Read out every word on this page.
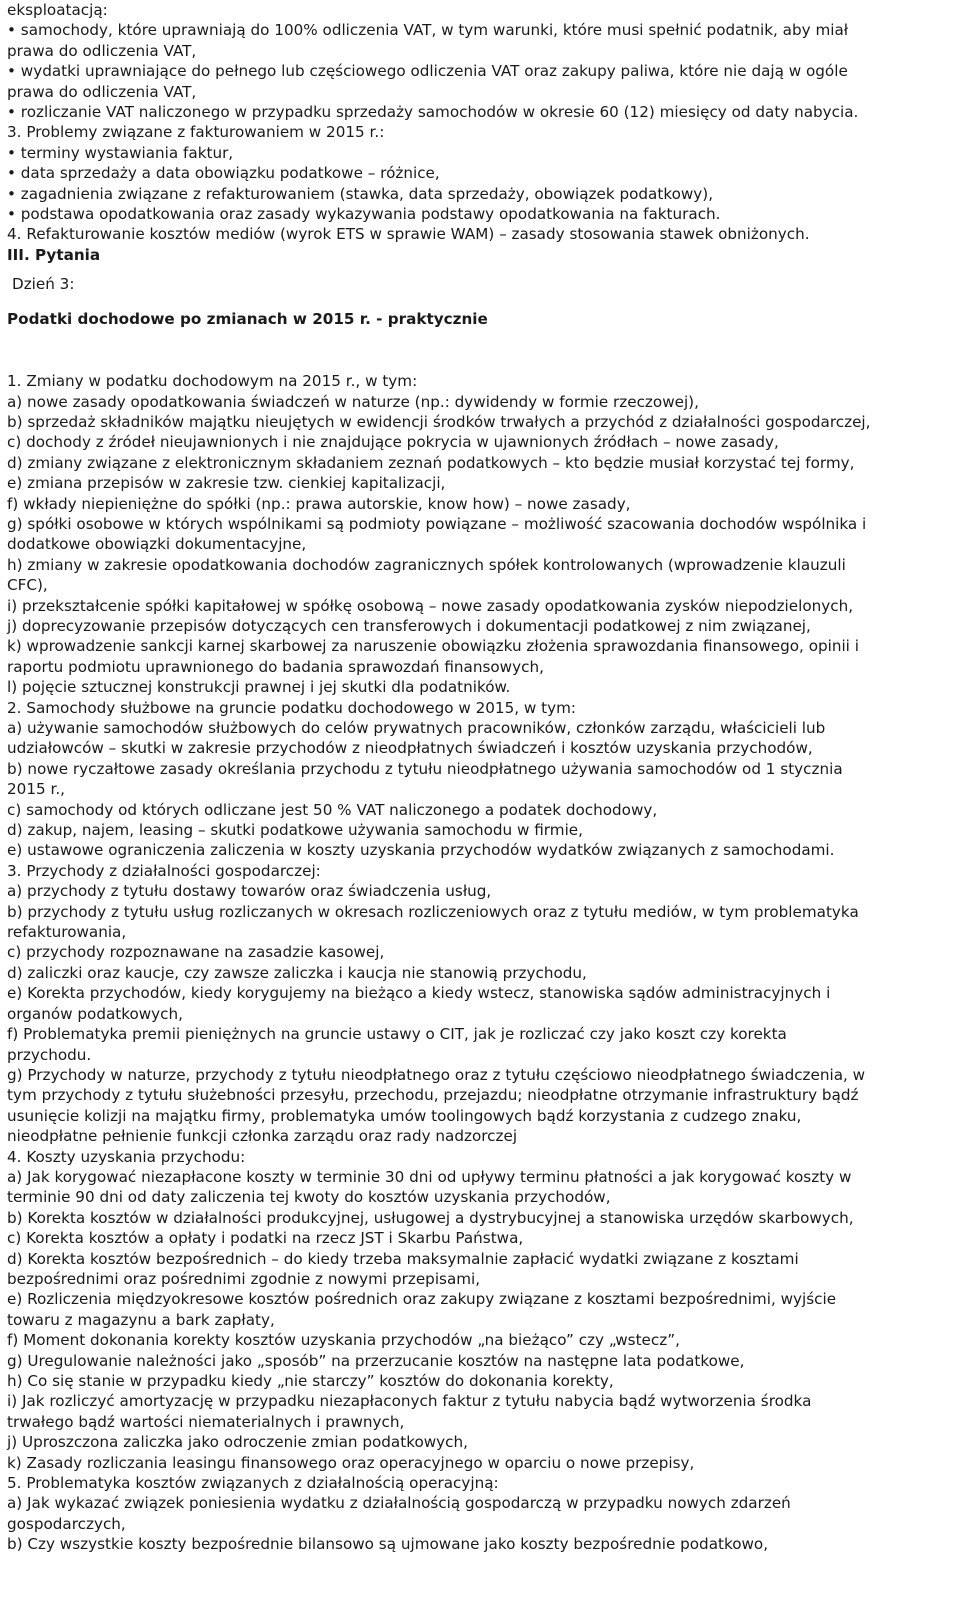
eksploatacją:
• samochody, które uprawniają do 100% odliczenia VAT, w tym warunki, które musi spełnić podatnik, aby miał
prawa do odliczenia VAT,
• wydatki uprawniające do pełnego lub częściowego odliczenia VAT oraz zakupy paliwa, które nie dają w ogóle
prawa do odliczenia VAT,
• rozliczanie VAT naliczonego w przypadku sprzedaży samochodów w okresie 60 (12) miesięcy od daty nabycia.
3. Problemy związane z fakturowaniem w 2015 r.:
• terminy wystawiania faktur,
• data sprzedaży a data obowiązku podatkowe – różnice,
• zagadnienia związane z refakturowaniem (stawka, data sprzedaży, obowiązek podatkowy),
• podstawa opodatkowania oraz zasady wykazywania podstawy opodatkowania na fakturach.
4. Refakturowanie kosztów mediów (wyrok ETS w sprawie WAM) – zasady stosowania stawek obniżonych.
III. Pytania
Dzień 3:
Podatki dochodowe po zmianach w 2015 r. - praktycznie
1. Zmiany w podatku dochodowym na 2015 r., w tym:
a) nowe zasady opodatkowania świadczeń w naturze (np.: dywidendy w formie rzeczowej),
b) sprzedaż składników majątku nieujętych w ewidencji środków trwałych a przychód z działalności gospodarczej,
c) dochody z źródeł nieujawnionych i nie znajdujące pokrycia w ujawnionych źródłach – nowe zasady,
d) zmiany związane z elektronicznym składaniem zeznań podatkowych – kto będzie musiał korzystać tej formy,
e) zmiana przepisów w zakresie tzw. cienkiej kapitalizacji,
f) wkłady niepieniężne do spółki (np.: prawa autorskie, know how) – nowe zasady,
g) spółki osobowe w których wspólnikami są podmioty powiązane – możliwość szacowania dochodów wspólnika i
dodatkowe obowiązki dokumentacyjne,
h) zmiany w zakresie opodatkowania dochodów zagranicznych spółek kontrolowanych (wprowadzenie klauzuli
CFC),
i) przekształcenie spółki kapitałowej w spółkę osobową – nowe zasady opodatkowania zysków niepodzielonych,
j) doprecyzowanie przepisów dotyczących cen transferowych i dokumentacji podatkowej z nim związanej,
k) wprowadzenie sankcji karnej skarbowej za naruszenie obowiązku złożenia sprawozdania finansowego, opinii i
raportu podmiotu uprawnionego do badania sprawozdań finansowych,
l) pojęcie sztucznej konstrukcji prawnej i jej skutki dla podatników.
2. Samochody służbowe na gruncie podatku dochodowego w 2015, w tym:
a) używanie samochodów służbowych do celów prywatnych pracowników, członków zarządu, właścicieli lub
udziałowców – skutki w zakresie przychodów z nieodpłatnych świadczeń i kosztów uzyskania przychodów,
b) nowe ryczałtowe zasady określania przychodu z tytułu nieodpłatnego używania samochodów od 1 stycznia
2015 r.,
c) samochody od których odliczane jest 50 % VAT naliczonego a podatek dochodowy,
d) zakup, najem, leasing – skutki podatkowe używania samochodu w firmie,
e) ustawowe ograniczenia zaliczenia w koszty uzyskania przychodów wydatków związanych z samochodami.
3. Przychody z działalności gospodarczej:
a) przychody z tytułu dostawy towarów oraz świadczenia usług,
b) przychody z tytułu usług rozliczanych w okresach rozliczeniowych oraz z tytułu mediów, w tym problematyka
refakturowania,
c) przychody rozpoznawane na zasadzie kasowej,
d) zaliczki oraz kaucje, czy zawsze zaliczka i kaucja nie stanowią przychodu,
e) Korekta przychodów, kiedy korygujemy na bieżąco a kiedy wstecz, stanowiska sądów administracyjnych i
organów podatkowych,
f) Problematyka premii pieniężnych na gruncie ustawy o CIT, jak je rozliczać czy jako koszt czy korekta
przychodu.
g) Przychody w naturze, przychody z tytułu nieodpłatnego oraz z tytułu częściowo nieodpłatnego świadczenia, w
tym przychody z tytułu służebności przesyłu, przechodu, przejazdu; nieodpłatne otrzymanie infrastruktury bądź
usunięcie kolizji na majątku firmy, problematyka umów toolingowych bądź korzystania z cudzego znaku,
nieodpłatne pełnienie funkcji członka zarządu oraz rady nadzorczej
4. Koszty uzyskania przychodu:
a) Jak korygować niezapłacone koszty w terminie 30 dni od upływy terminu płatności a jak korygować koszty w
terminie 90 dni od daty zaliczenia tej kwoty do kosztów uzyskania przychodów,
b) Korekta kosztów w działalności produkcyjnej, usługowej a dystrybucyjnej a stanowiska urzędów skarbowych,
c) Korekta kosztów a opłaty i podatki na rzecz JST i Skarbu Państwa,
d) Korekta kosztów bezpośrednich – do kiedy trzeba maksymalnie zapłacić wydatki związane z kosztami
bezpośrednimi oraz pośrednimi zgodnie z nowymi przepisami,
e) Rozliczenia międzyokresowe kosztów pośrednich oraz zakupy związane z kosztami bezpośrednimi, wyjście
towaru z magazynu a bark zapłaty,
f) Moment dokonania korekty kosztów uzyskania przychodów „na bieżąco” czy „wstecz”,
g) Uregulowanie należności jako „sposób” na przerzucanie kosztów na następne lata podatkowe,
h) Co się stanie w przypadku kiedy „nie starczy” kosztów do dokonania korekty,
i) Jak rozliczyć amortyzację w przypadku niezapłaconych faktur z tytułu nabycia bądź wytworzenia środka
trwałego bądź wartości niematerialnych i prawnych,
j) Uproszczona zaliczka jako odroczenie zmian podatkowych,
k) Zasady rozliczania leasingu finansowego oraz operacyjnego w oparciu o nowe przepisy,
5. Problematyka kosztów związanych z działalnością operacyjną:
a) Jak wykazać związek poniesienia wydatku z działalnością gospodarczą w przypadku nowych zdarzeń
gospodarczych,
b) Czy wszystkie koszty bezpośrednie bilansowo są ujmowane jako koszty bezpośrednie podatkowo,
